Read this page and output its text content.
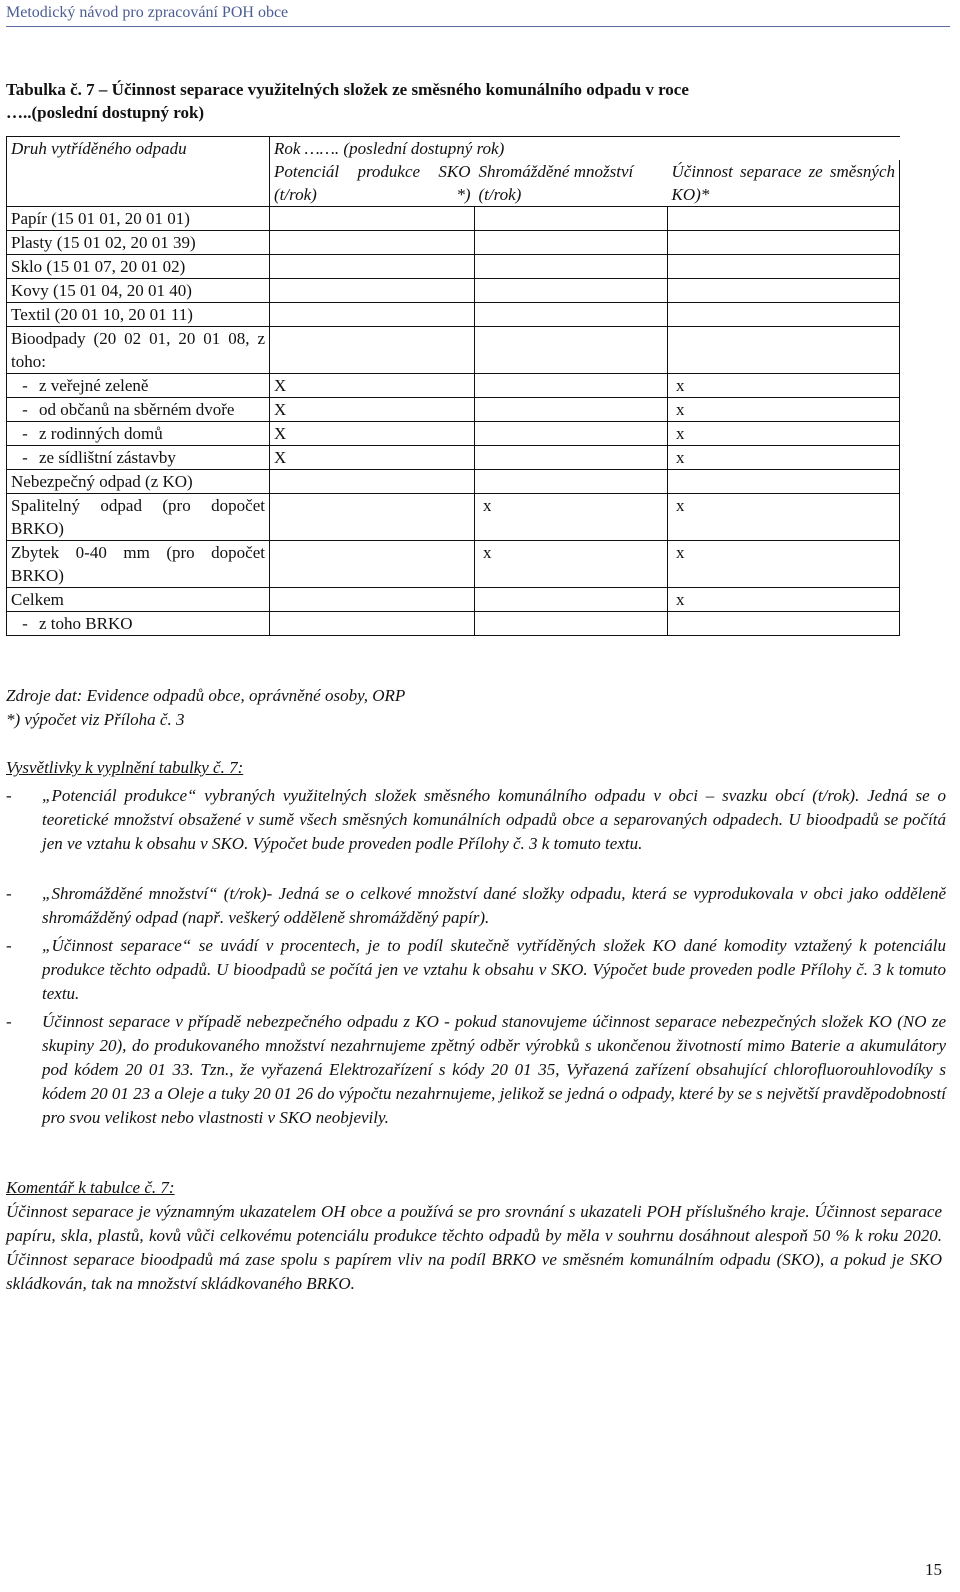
Metodický návod pro zpracování POH obce
Tabulka č. 7 – Účinnost separace využitelných složek ze směsného komunálního odpadu v roce
…..(poslední dostupný rok)
Druh vytříděného odpadu	Rok ……. (poslední dostupný rok)		
	Potenciál produkce SKO (t/rok) *)	Shromážděné množství (t/rok)	Účinnost separace ze směsných KO)*
Papír (15 01 01, 20 01 01)			
Plasty (15 01 02, 20 01 39)			
Sklo (15 01 07, 20 01 02)			
Kovy (15 01 04, 20 01 40)			
Textil (20 01 10, 20 01 11)			
Bioodpady (20 02 01, 20 01 08, z toho:			
- z veřejné zeleně	X		x
- od občanů na sběrném dvoře	X		x
- z rodinných domů	X		x
- ze sídlištní zástavby	X		x
Nebezpečný odpad (z KO)			
Spalitelný odpad (pro dopočet BRKO)		x	x
Zbytek 0-40 mm (pro dopočet BRKO)		x	x
Celkem			x
- z toho BRKO			
Zdroje dat: Evidence odpadů obce, oprávněné osoby, ORP
*) výpočet viz Příloha č. 3
Vysvětlivky k vyplnění tabulky č. 7:
- „Potenciál produkce“ vybraných využitelných složek směsného komunálního odpadu v obci – svazku obcí (t/rok). Jedná se o teoretické množství obsažené v sumě všech směsných komunálních odpadů obce a separovaných odpadech. U bioodpadů se počítá jen ve vztahu k obsahu v SKO. Výpočet bude proveden podle Přílohy č. 3 k tomuto textu.
- „Shromážděné množství“ (t/rok)- Jedná se o celkové množství dané složky odpadu, která se vyprodukovala v obci jako odděleně shromážděný odpad (např. veškerý odděleně shromážděný papír).
- „Účinnost separace“ se uvádí v procentech, je to podíl skutečně vytříděných složek KO dané komodity vztažený k potenciálu produkce těchto odpadů. U bioodpadů se počítá jen ve vztahu k obsahu v SKO. Výpočet bude proveden podle Přílohy č. 3 k tomuto textu.
- Účinnost separace v případě nebezpečného odpadu z KO - pokud stanovujeme účinnost separace nebezpečných složek KO (NO ze skupiny 20), do produkovaného množství nezahrnujeme zpětný odběr výrobků s ukončenou životností mimo Baterie a akumulátory pod kódem 20 01 33. Tzn., že vyřazená Elektrozařízení s kódy 20 01 35, Vyřazená zařízení obsahující chlorofluorouhlovodíky s kódem 20 01 23 a Oleje a tuky 20 01 26 do výpočtu nezahrnujeme, jelikož se jedná o odpady, které by se s největší pravděpodobností pro svou velikost nebo vlastnosti v SKO neobjevily.
Komentář k tabulce č. 7:
Účinnost separace je významným ukazatelem OH obce a používá se pro srovnání s ukazateli POH příslušného kraje. Účinnost separace papíru, skla, plastů, kovů vůči celkovému potenciálu produkce těchto odpadů by měla v souhrnu dosáhnout alespoň 50 % k roku 2020. Účinnost separace bioodpadů má zase spolu s papírem vliv na podíl BRKO ve směsném komunálním odpadu (SKO), a pokud je SKO skládkován, tak na množství skládkovaného BRKO.
15
